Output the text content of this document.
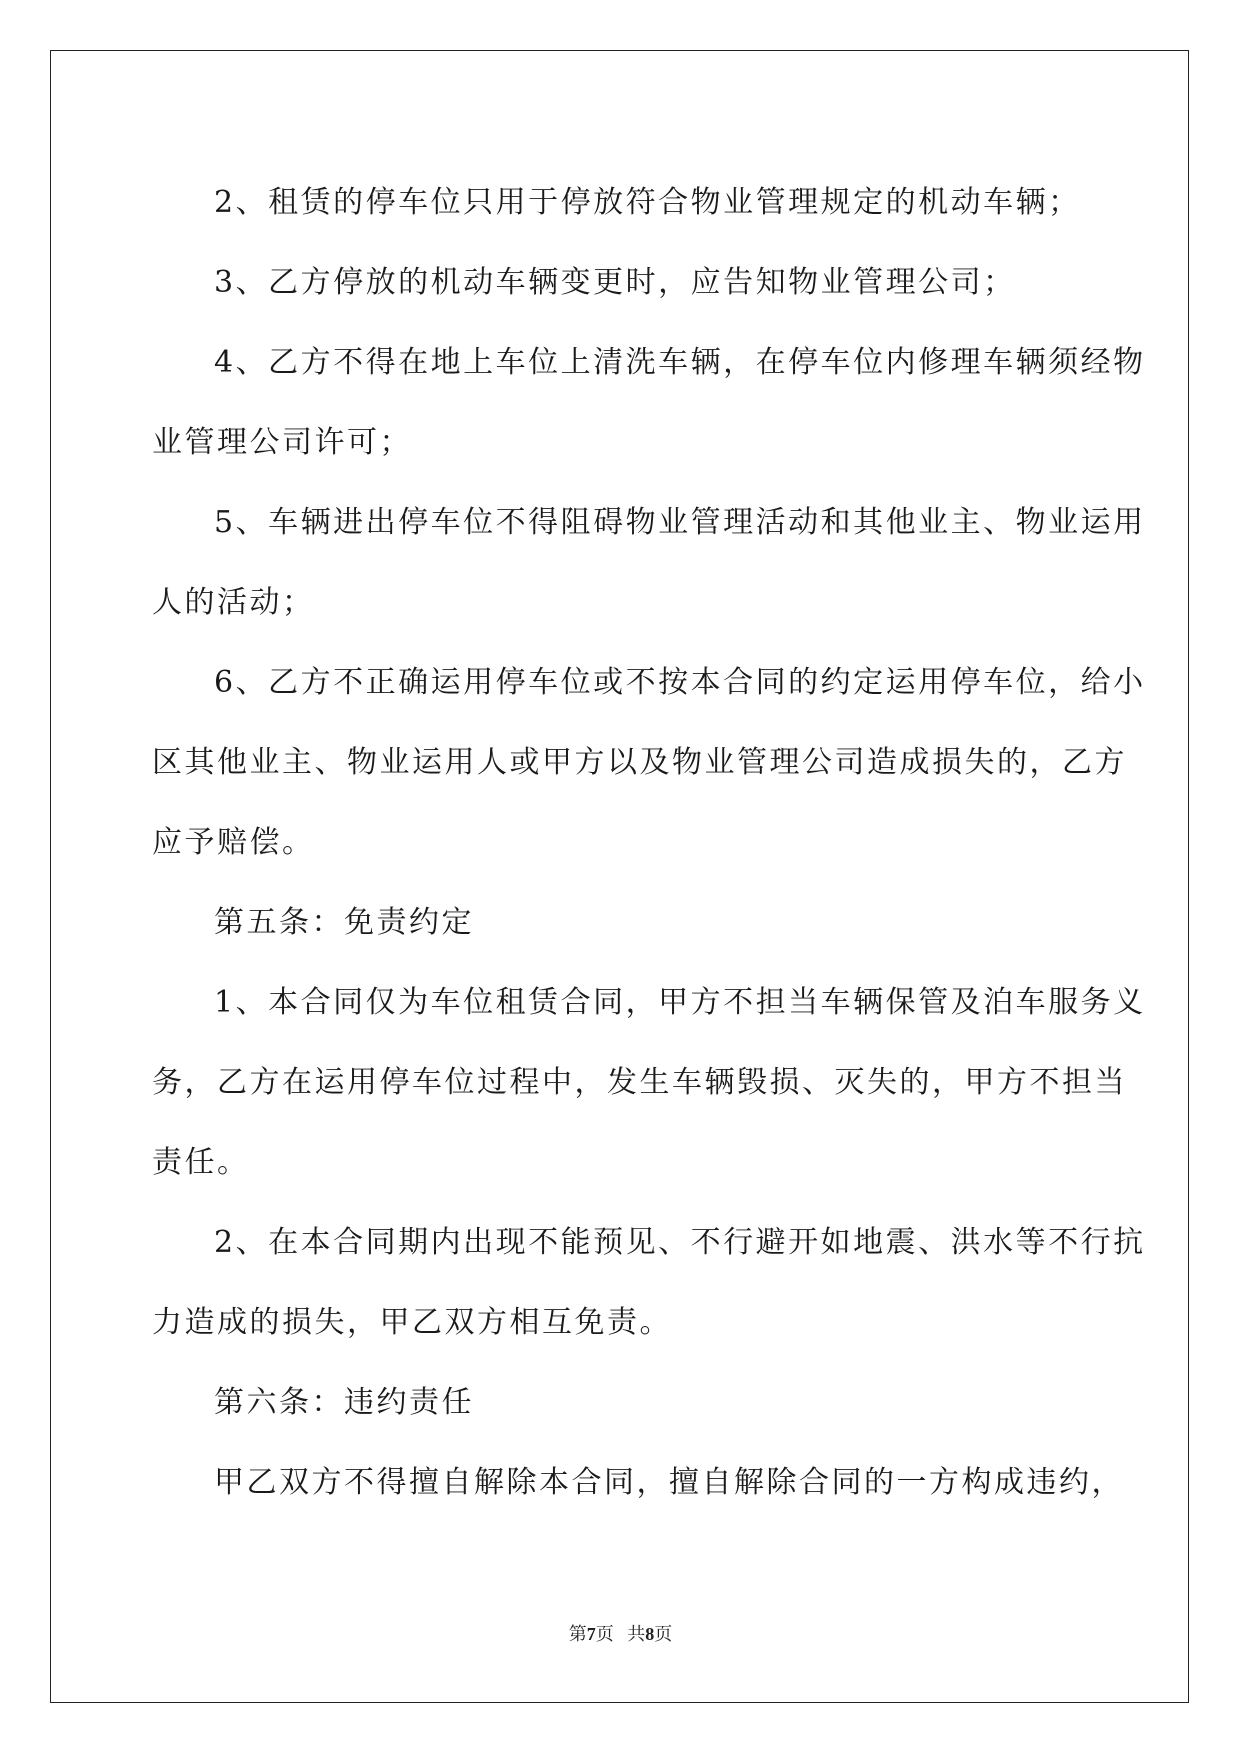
2、租赁的停车位只用于停放符合物业管理规定的机动车辆；

3、乙方停放的机动车辆变更时，应告知物业管理公司；

4、乙方不得在地上车位上清洗车辆，在停车位内修理车辆须经物

业管理公司许可；

5、车辆进出停车位不得阻碍物业管理活动和其他业主、物业运用

人的活动；

6、乙方不正确运用停车位或不按本合同的约定运用停车位，给小

区其他业主、物业运用人或甲方以及物业管理公司造成损失的，乙方

应予赔偿。

第五条：免责约定

1、本合同仅为车位租赁合同，甲方不担当车辆保管及泊车服务义

务，乙方在运用停车位过程中，发生车辆毁损、灭失的，甲方不担当

责任。

2、在本合同期内出现不能预见、不行避开如地震、洪水等不行抗

力造成的损失，甲乙双方相互免责。

第六条：违约责任

甲乙双方不得擅自解除本合同，擅自解除合同的一方构成违约，

第7页 共8页
